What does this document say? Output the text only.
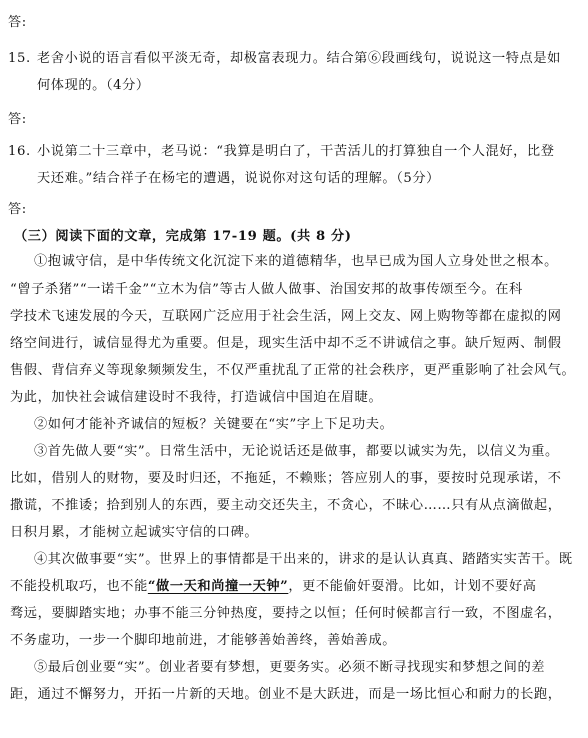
答:
15. 老舍小说的语言看似平淡无奇，却极富表现力。结合第⑥段画线句，说说这一特点是如
何体现的。（4分）
答:
16. 小说第二十三章中，老马说：“我算是明白了，干苦活儿的打算独自一个人混好，比登
天还难。”结合祥子在杨宅的遭遇，说说你对这句话的理解。（5分）
答:
（三）阅读下面的文章，完成第 17-19 题。(共 8 分)
①抱诚守信，是中华传统文化沉淀下来的道德精华，也早已成为国人立身处世之根本。
“曾子杀猪”“一诺千金”“立木为信”等古人做人做事、治国安邦的故事传颂至今。在科
学技术飞速发展的今天，互联网广泛应用于社会生活，网上交友、网上购物等都在虚拟的网
络空间进行，诚信显得尤为重要。但是，现实生活中却不乏不讲诚信之事。缺斤短两、制假
售假、背信弃义等现象频频发生，不仅严重扰乱了正常的社会秩序，更严重影响了社会风气。
为此，加快社会诚信建设时不我待，打造诚信中国迫在眉睫。
②如何才能补齐诚信的短板？关键要在“实”字上下足功夫。
③首先做人要“实”。日常生活中，无论说话还是做事，都要以诚实为先，以信义为重。
比如，借别人的财物，要及时归还，不拖延，不赖账；答应别人的事，要按时兑现承诺，不
撒谎，不推诿；拾到别人的东西，要主动交还失主，不贪心，不昧心……只有从点滴做起，
日积月累，才能树立起诚实守信的口碑。
④其次做事要“实”。世界上的事情都是干出来的，讲求的是认认真真、踏踏实实苦干。既
不能投机取巧，也不能“做一天和尚撞一天钟”，更不能偷奸耍滑。比如，计划不要好高
骛远，要脚踏实地；办事不能三分钟热度，要持之以恒；任何时候都言行一致，不图虚名，
不务虚功，一步一个脚印地前进，才能够善始善终，善始善成。
⑤最后创业要“实”。创业者要有梦想，更要务实。必须不断寻找现实和梦想之间的差
距，通过不懈努力，开拓一片新的天地。创业不是大跃进，而是一场比恒心和耐力的长跑，
